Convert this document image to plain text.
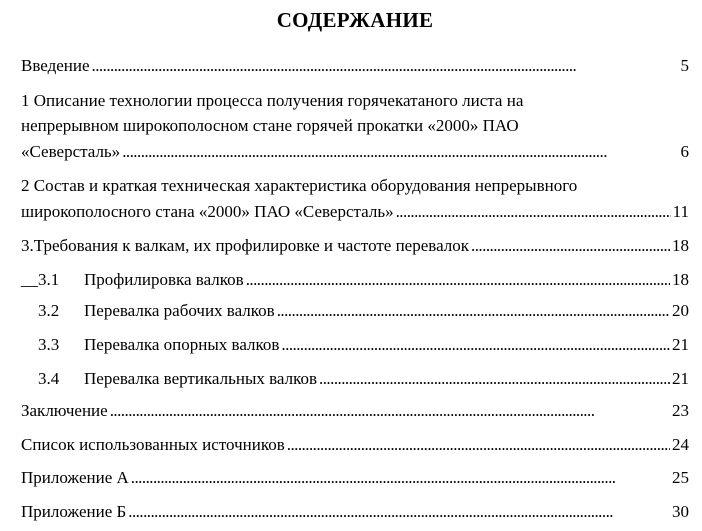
СОДЕРЖАНИЕ
Введение . . .	5
1 Описание технологии процесса получения горячекатаного листа на
непрерывном широкополосном стане горячей прокатки «2000» ПАО
«Северсталь» . . .	6
2 Состав и краткая техническая характеристика оборудования непрерывного
широкополосного стана «2000» ПАО «Северсталь» . . .	11
3.Требования к валкам, их профилировке и частоте перевалок . . .	18
__3.1 Профилировка валков . . .	18
3.2 Перевалка рабочих валков . . .	20
3.3 Перевалка опорных валков . . .	21
3.4 Перевалка вертикальных валков . . .	21
Заключение . . .	23
Список использованных источников . . .	24
Приложение А . . .	25
Приложение Б . . .	30
